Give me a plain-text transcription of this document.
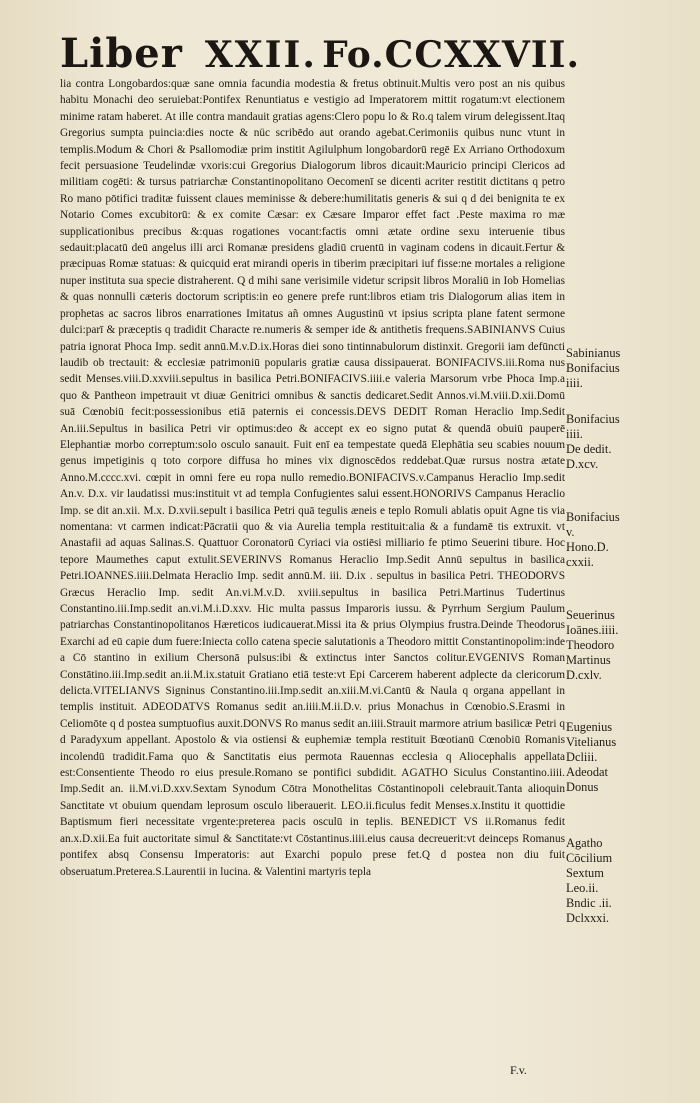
Liber XXII. Fo.CCXXVII.

lia contra Longobardos:quæ sane omnia facundia modestia & fretus obtinuit.Multis vero post an nis quibus habitu Monachi deo seruiebat:Pontifex Renuntiatus e vestigio ad Imperatorem mittit rogatum:vt electionem minime ratam haberet. At ille contra mandauit gratias agens:Clero popu lo & Ro.q talem virum delegissent.Itaq Gregorius sumpta puincia:dies nocte & nüc scribēdo aut orando agebat.Cerimoniis quibus nunc vtunt in templis.Modum & Chori & Psallomodiæ prim institit Agilulphum longobardorū regē Ex Arriano Orthodoxum fecit persuasione Teudelindæ vxoris:cui Gregorius Dialogorum libros dicauit:Mauricio principi Clericos ad militiam cogēti: & tursus patriarchæ Constantinopolitano Oecomenī se dicenti acriter restitit dictitans q petro Ro mano pōtifici traditæ fuissent claues meminisse & debere:humilitatis generis & sui q d dei benignita te ex Notario Comes excubitorū: & ex comite Cæsar: ex Cæsare Imparor effet fact .Peste maxima ro mæ supplicationibus precibus &:quas rogationes vocant:factis omni ætate ordine sexu interuenie tibus sedauit:placatū deū angelus illi arci Romanæ presidens gladiū cruentū in vaginam codens in dicauit.Fertur & præcipuas Romæ statuas: & quicquid erat mirandi operis in tiberim præcipitari iuf fisse:ne mortales a religione nuper instituta sua specie distraherent. Q d mihi sane verisimile videtur scripsit libros Moraliū in Iob Homelias & quas nonnulli cæteris doctorum scriptis:in eo genere prefe runt:libros etiam tris Dialogorum alias item in prophetas ac sacros libros enarrationes Imitatus añ omnes Augustinū vt ipsius scripta plane fatent sermone dulci:parī & præceptis q tradidit Characte re.numeris & semper ide & antithetis frequens.SABINIANVS Cuius patria ignorat Phoca Imp. sedit annū.M.v.D.ix.Horas diei sono tintinnabulorum distinxit. Gregorii iam defūncti laudib ob trectauit: & ecclesiæ patrimoniū popularis gratiæ causa dissipauerat. BONIFACIVS.iii.Roma nus sedit Menses.viii.D.xxviii.sepultus in basilica Petri.BONIFACIVS.iiii.e valeria Marsorum vrbe Phoca Imp.a quo & Pantheon impetrauit vt diuæ Genitrici omnibus & sanctis dedicaret.Sedit Annos.vi.M.viii.D.xii.Domū suā Cœnobiū fecit:possessionibus etiā paternis ei concessis.DEVS DEDIT Roman Heraclio Imp.Sedit An.iii.Sepultus in basilica Petri vir optimus:deo & accept ex eo signo putat & quendā obuiū pauperē Elephantiæ morbo correptum:solo osculo sanauit. Fuit enī ea tempestate quedā Elephātia seu scabies nouum genus impetiginis q toto corpore diffusa ho mines vix dignoscēdos reddebat.Quæ rursus nostra ætate Anno.M.cccc.xvi. cœpit in omni fere eu ropa nullo remedio.BONIFACIVS.v.Campanus Heraclio Imp.sedit An.v. D.x. vir laudatissi mus:instituit vt ad templa Confugientes salui essent.HONORIVS Campanus Heraclio Imp. se dit an.xii. M.x. D.xvii.sepult i basilica Petri quā tegulis æneis e teplo Romuli ablatis opuit Agne tis via nomentana: vt carmen indicat:Pācratii quo & via Aurelia templa restituit:alia & a fundamē tis extruxit. vt Anastafii ad aquas Salinas.S. Quattuor Coronatorū Cyriaci via ostiēsi milliario fe ptimo Seuerini tibure. Hoc tepore Maumethes caput extulit.SEVERINVS Romanus Heraclio Imp.Sedit Annū sepultus in basilica Petri.IOANNES.iiii.Delmata Heraclio Imp. sedit annū.M. iii. D.ix . sepultus in basilica Petri. THEODORVS Græcus Heraclio Imp. sedit An.vi.M.v.D. xviii.sepultus in basilica Petri.Martinus Tudertinus Constantino.iii.Imp.sedit an.vi.M.i.D.xxv. Hic multa passus Imparoris iussu. & Pyrrhum Sergium Paulum patriarchas Constantinopolitanos Hæreticos iudicauerat.Missi ita & prius Olympius frustra.Deinde Theodorus Exarchi ad eū capie dum fuere:Iniecta collo catena specie salutationis a Theodoro mittit Constantinopolim:inde a Cō stantino in exilium Chersonā pulsus:ibi & extinctus inter Sanctos colitur.EVGENIVS Roman Constātino.iii.Imp.sedit an.ii.M.ix.statuit Gratiano etiā teste:vt Epi Carcerem haberent adplecte da clericorum delicta.VITELIANVS Signinus Constantino.iii.Imp.sedit an.xiii.M.vi.Cantū & Naula q organa appellant in templis instituit. ADEODATVS Romanus sedit an.iiii.M.ii.D.v. prius Monachus in Cœnobio.S.Erasmi in Celiomōte q d postea sumptuofius auxit.DONVS Ro manus sedit an.iiii.Strauit marmore atrium basilicæ Petri q d Paradyxum appellant. Apostolo & via ostiensi & euphemiæ templa restituit Bœotianū Cœnobiū Romanis incolendū tradidit.Fama quo & Sanctitatis eius permota Rauennas ecclesia q Aliocephalis appellata est:Consentiente Theodo ro eius presule.Romano se pontifici subdidit. AGATHO Siculus Constantino.iiii. Imp.Sedit an. ii.M.vi.D.xxv.Sextam Synodum Cōtra Monothelitas Cōstantinopoli celebrauit.Tanta alioquin Sanctitate vt obuium quendam leprosum osculo liberauerit. LEO.ii.ficulus fedit Menses.x.Institu it quottidie Baptismum fieri necessitate vrgente:preterea pacis osculū in teplis. BENEDICT VS ii.Romanus fedit an.x.D.xii.Ea fuit auctoritate simul & Sanctitate:vt Cōstantinus.iiii.eius causa decreuerit:vt deinceps Romanus pontifex absq Consensu Imperatoris: aut Exarchi populo prese fet.Q d postea non diu fuit obseruatum.Preterea.S.Laurentii in lucina. & Valentini martyris tepla

Sabinianus
Bonifacius
iiii.
Bonifacius
iiii.
De dedit.
D.xcv.
Bonifacius
v.
Hono.D.
cxxii.
Seuerinus
Ioānes.iiii.
Theodoro
Martinus
D.cxlv.
Eugenius
Vitelianus
Dcliii.
Adeodat
Donus
Agatho
Cōcilium
Sextum
Leo.ii.
Bndic .ii.
Dclxxxi.
F.v.
